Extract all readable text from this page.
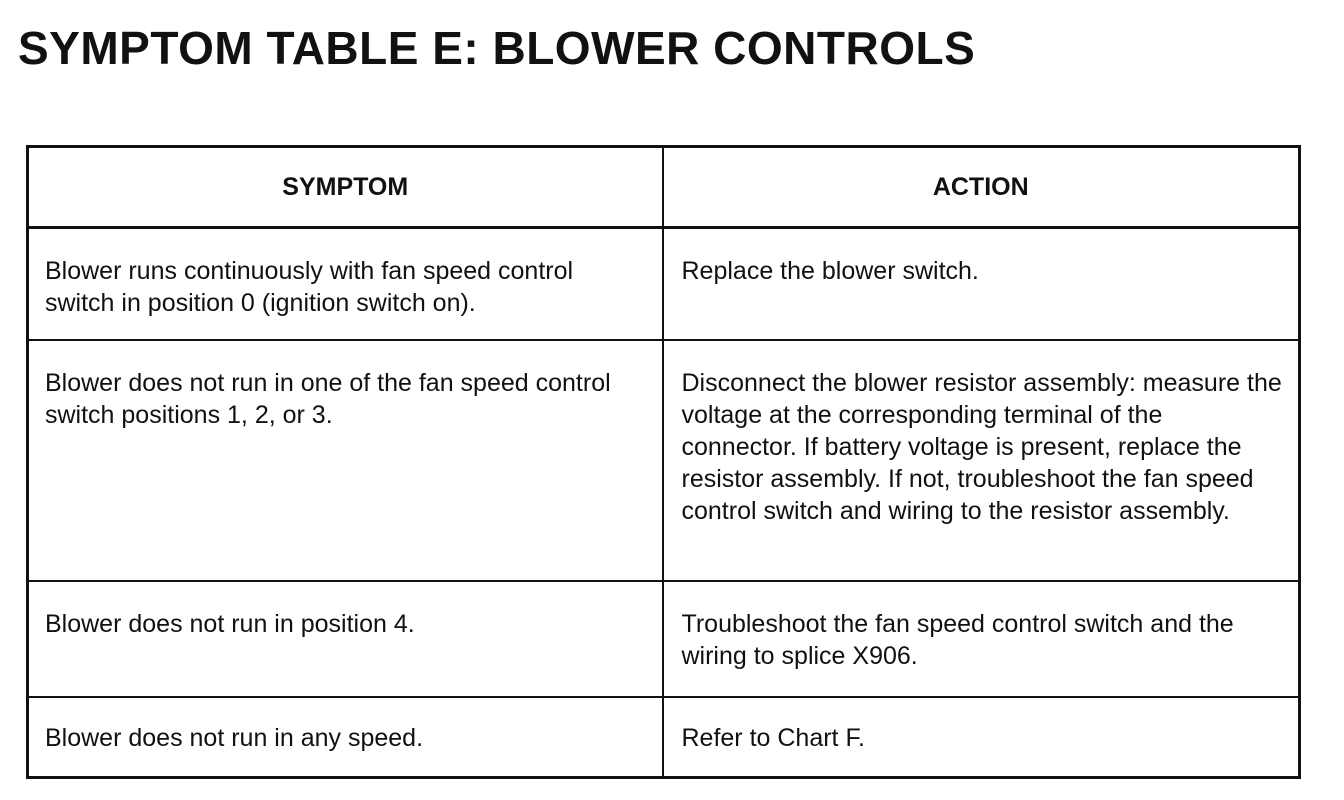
SYMPTOM TABLE E: BLOWER CONTROLS
SYMPTOM	ACTION
Blower runs continuously with fan speed control switch in position 0 (ignition switch on).	Replace the blower switch.
Blower does not run in one of the fan speed control switch positions 1, 2, or 3.	Disconnect the blower resistor assembly: measure the voltage at the corresponding terminal of the connector. If battery voltage is present, replace the resistor assembly. If not, troubleshoot the fan speed control switch and wiring to the resistor assembly.
Blower does not run in position 4.	Troubleshoot the fan speed control switch and the wiring to splice X906.
Blower does not run in any speed.	Refer to Chart F.
